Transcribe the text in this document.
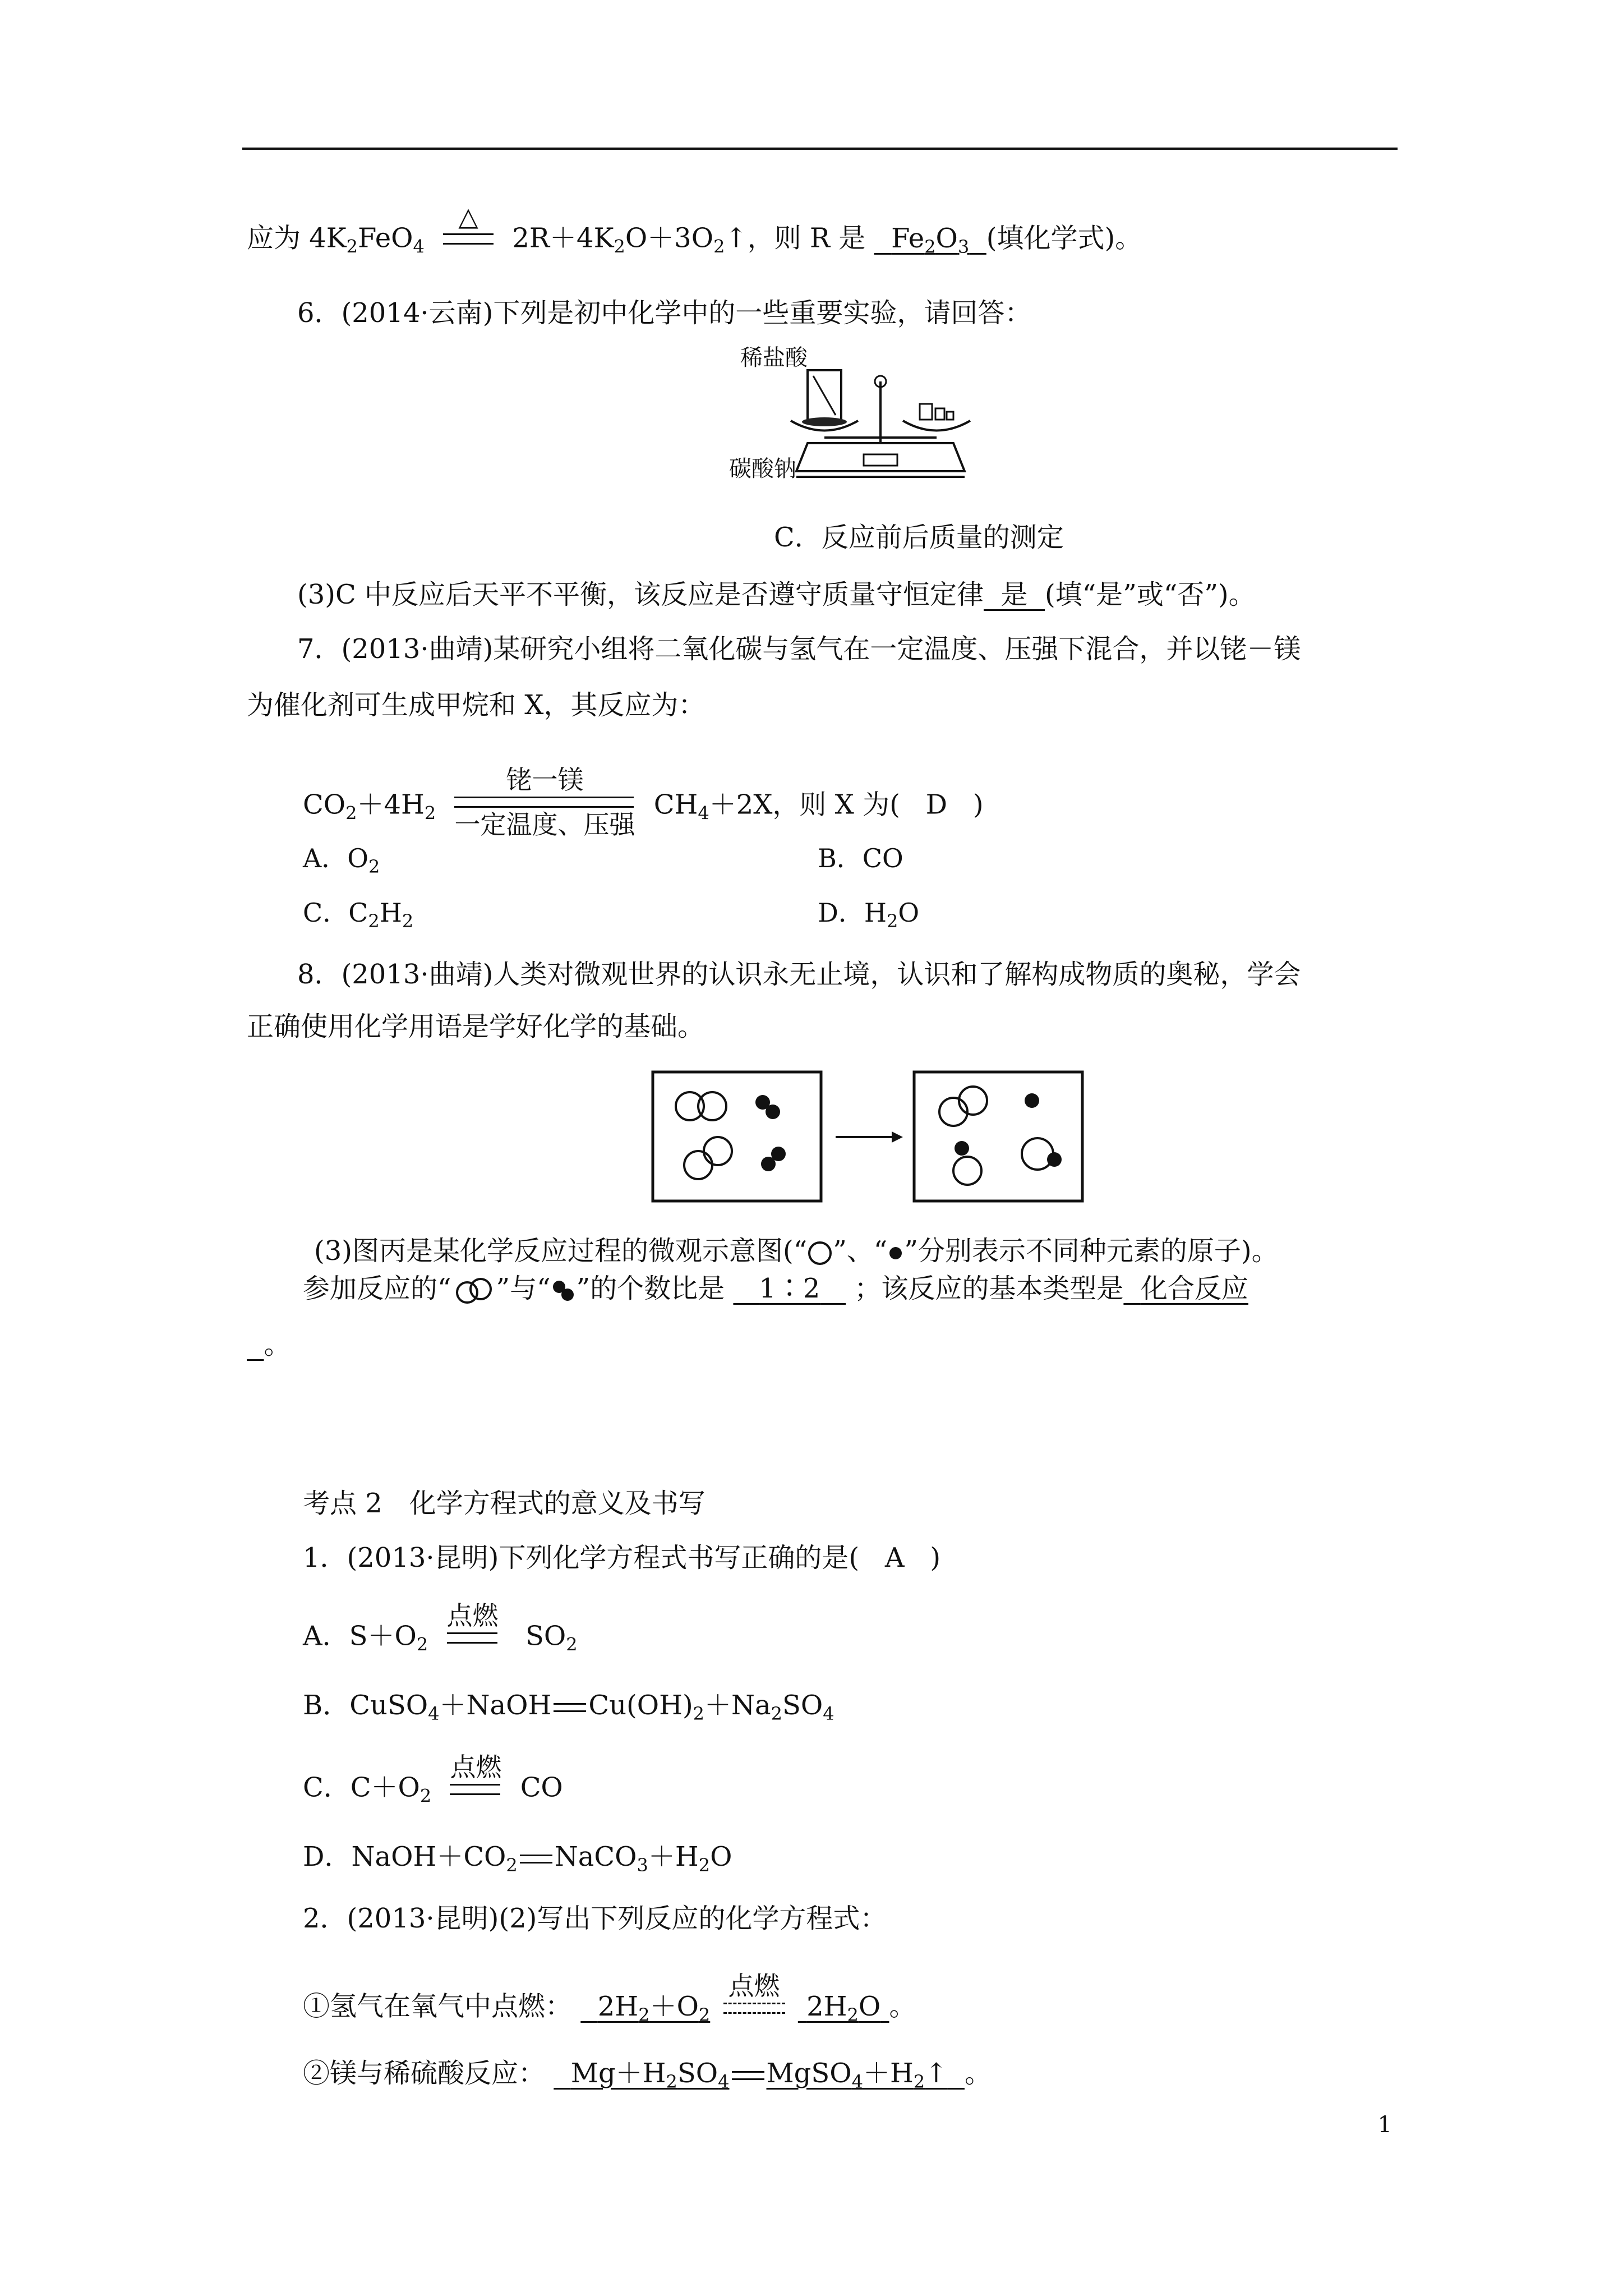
应为 $4K_2FeO_4$
△
$2R+4K_2O+3O_2↑$，则 R 是 $Fe_2O_3$ (填化学式)。
6．(2014·云南)下列是初中化学中的一些重要实验，请回答：
稀盐酸
碳酸钠
C．反应前后质量的测定
(3)C 中反应后天平不平衡，该反应是否遵守质量守恒定律 是 (填“是”或“否”)。
7．(2013·曲靖)某研究小组将二氧化碳与氢气在一定温度、压强下混合，并以铑－镁
为催化剂可生成甲烷和 X，其反应为：
$CO_2+4H_2$
铑一镁
一定温度、压强
$CH_4+2X$，则 X 为( D )
A．$O_2$	B．CO
C．$C_2H_2$	D．$H_2O$
8．(2013·曲靖)人类对微观世界的认识永无止境，认识和了解构成物质的奥秘，学会
正确使用化学用语是学好化学的基础。
(3)图丙是某化学反应过程的微观示意图(“ ”、“ ”分别表示不同种元素的原子)。
参加反应的“ ”与“ ”的个数比是 1∶2 ；该反应的基本类型是 化合反应
。
考点 2　化学方程式的意义及书写
1．(2013·昆明)下列化学方程式书写正确的是( A )
A．$S+O_2$
点燃
$SO_2$
B．CuSO$_4$＋NaOH $Cu(OH)_2+Na_2SO_4$
C．$C+O_2$
点燃
CO
D．$NaOH+CO_2$ $NaCO_3+H_2O$
2．(2013·昆明)(2)写出下列反应的化学方程式：
①氢气在氧气中点燃： $2H_2+O_2$
点燃
$2H_2O$ 。
②镁与稀硫酸反应： $Mg+H_2SO_4$ $MgSO_4+H_2↑$ 。
1
